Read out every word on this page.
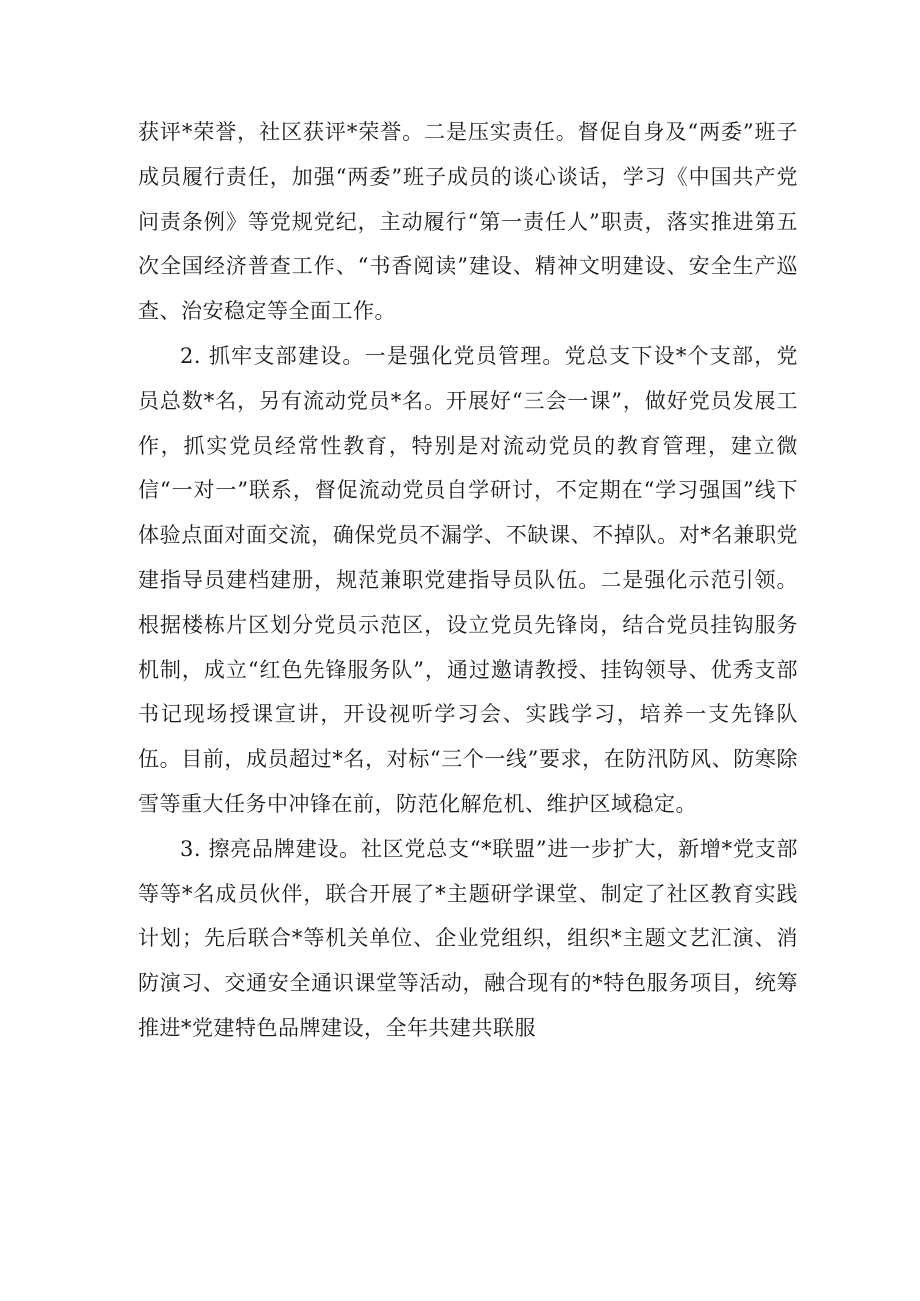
获评*荣誉，社区获评*荣誉。二是压实责任。督促自身及“两委”班子成员履行责任，加强“两委”班子成员的谈心谈话，学习《中国共产党问责条例》等党规党纪，主动履行“第一责任人”职责，落实推进第五次全国经济普查工作、“书香阅读”建设、精神文明建设、安全生产巡查、治安稳定等全面工作。

2. 抓牢支部建设。一是强化党员管理。党总支下设*个支部，党员总数*名，另有流动党员*名。开展好“三会一课”，做好党员发展工作，抓实党员经常性教育，特别是对流动党员的教育管理，建立微信“一对一”联系，督促流动党员自学研讨，不定期在“学习强国”线下体验点面对面交流，确保党员不漏学、不缺课、不掉队。对*名兼职党建指导员建档建册，规范兼职党建指导员队伍。二是强化示范引领。根据楼栋片区划分党员示范区，设立党员先锋岗，结合党员挂钩服务机制，成立“红色先锋服务队”，通过邀请教授、挂钩领导、优秀支部书记现场授课宣讲，开设视听学习会、实践学习，培养一支先锋队伍。目前，成员超过*名，对标“三个一线”要求，在防汛防风、防寒除雪等重大任务中冲锋在前，防范化解危机、维护区域稳定。

3. 擦亮品牌建设。社区党总支“*联盟”进一步扩大，新增*党支部等等*名成员伙伴，联合开展了*主题研学课堂、制定了社区教育实践计划；先后联合*等机关单位、企业党组织，组织*主题文艺汇演、消防演习、交通安全通识课堂等活动，融合现有的*特色服务项目，统筹推进*党建特色品牌建设，全年共建共联服
